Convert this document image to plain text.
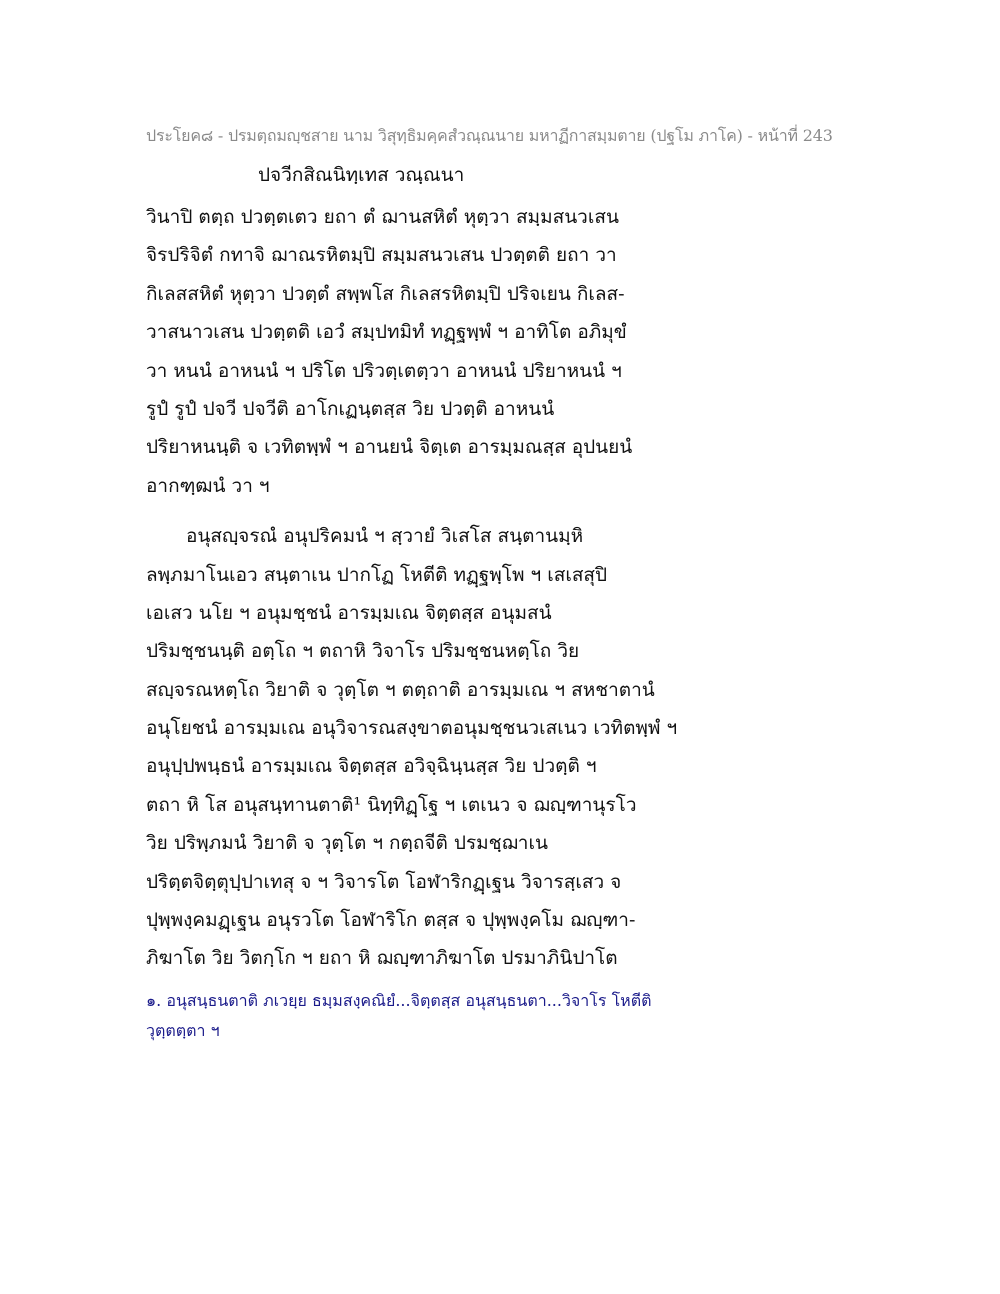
ประโยค๘ - ปรมตฺถมญฺชสาย นาม วิสุทฺธิมคฺคสํวณฺณนาย มหาฏีกาสมฺมตาย (ปฐโม ภาโค) - หน้าที่ 243
ปจวีกสิณนิทฺเทส วณฺณนา
วินาปิ ตตฺถ ปวตฺตเตว ยถา ตํ ฌานสหิตํ หุตฺวา สมฺมสนวเสน
จิรปริจิตํ กทาจิ ฌาณรหิตมฺปิ สมฺมสนวเสน ปวตฺตติ ยถา วา
กิเลสสหิตํ หุตฺวา ปวตฺตํ สพฺพโส กิเลสรหิตมฺปิ ปริจเยน กิเลส-
วาสนาวเสน ปวตฺตติ เอวํ สมฺปทมิทํ ทฏฺฐพฺพํ ฯ อาทิโต อภิมุขํ
วา หนนํ อาหนนํ ฯ ปริโต ปริวตฺเตตฺวา อาหนนํ ปริยาหนนํ ฯ
รูปํ รูปํ ปจวี ปจวีติ อาโกเฏนฺตสฺส วิย ปวตฺติ อาหนนํ
ปริยาหนนฺติ จ เวทิตพฺพํ ฯ อานยนํ จิตฺเต อารมฺมณสฺส อุปนยนํ
อากฑฺฒนํ วา ฯ
อนุสญฺจรณํ อนุปริคมนํ ฯ สฺวายํ วิเสโส สนฺตานมฺหิ
ลพฺภมาโนเอว สนฺตาเน ปากโฏ โหตีติ ทฏฺฐพฺโพ ฯ เสเสสุปิ
เอเสว นโย ฯ อนุมชฺชนํ อารมฺมเณ จิตฺตสฺส อนุมสนํ
ปริมชฺชนนฺติ อตฺโถ ฯ ตถาหิ วิจาโร ปริมชฺชนหตฺโถ วิย
สญฺจรณหตฺโถ วิยาติ จ วุตฺโต ฯ ตตฺถาติ อารมฺมเณ ฯ สหชาตานํ
อนุโยชนํ อารมฺมเณ อนุวิจารณสงฺขาตอนุมชฺชนวเสเนว เวทิตพฺพํ ฯ
อนุปฺปพนฺธนํ อารมฺมเณ จิตฺตสฺส อวิจฺฉินฺนสฺส วิย ปวตฺติ ฯ
ตถา หิ โส อนุสนฺทานตาติ¹ นิทฺทิฏฺโฐ ฯ เตเนว จ ฌญฺฑานุรโว
วิย ปริพฺภมนํ วิยาติ จ วุตฺโต ฯ กตฺถจีติ ปรมชฺฌาเน
ปริตฺตจิตฺตุปฺปาเทสุ จ ฯ วิจารโต โอฬาริกฏฺเฐน วิจารสฺเสว จ
ปุพฺพงฺคมฏฺเฐน อนุรวโต โอฬาริโก ตสฺส จ ปุพฺพงฺคโม ฌญฺฑา-
ภิฆาโต วิย วิตกฺโก ฯ ยถา หิ ฌญฺฑาภิฆาโต ปรมาภินิปาโต
๑. อนุสนฺธนตาติ ภเวยฺย ธมฺมสงฺคณิยํ...จิตฺตสฺส อนุสนฺธนตา...วิจาโร โหตีติ
วุตฺตตฺตา ฯ
